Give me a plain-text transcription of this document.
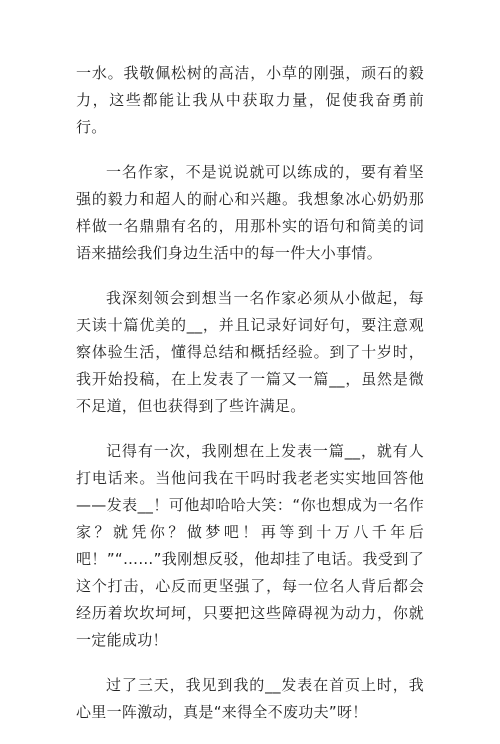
一水。我敬佩松树的高洁，小草的刚强，顽石的毅力，这些都能让我从中获取力量，促使我奋勇前行。

一名作家，不是说说就可以练成的，要有着坚强的毅力和超人的耐心和兴趣。我想象冰心奶奶那样做一名鼎鼎有名的，用那朴实的语句和简美的词语来描绘我们身边生活中的每一件大小事情。

我深刻领会到想当一名作家必须从小做起，每天读十篇优美的__，并且记录好词好句，要注意观察体验生活，懂得总结和概括经验。到了十岁时，我开始投稿，在上发表了一篇又一篇__，虽然是微不足道，但也获得到了些许满足。

记得有一次，我刚想在上发表一篇__，就有人打电话来。当他问我在干吗时我老老实实地回答他——发表__！可他却哈哈大笑：“你也想成为一名作家？就凭你？做梦吧！再等到十万八千年后吧！”“……”我刚想反驳，他却挂了电话。我受到了这个打击，心反而更坚强了，每一位名人背后都会经历着坎坎坷坷，只要把这些障碍视为动力，你就一定能成功！

过了三天，我见到我的__发表在首页上时，我心里一阵激动，真是“来得全不废功夫”呀！
